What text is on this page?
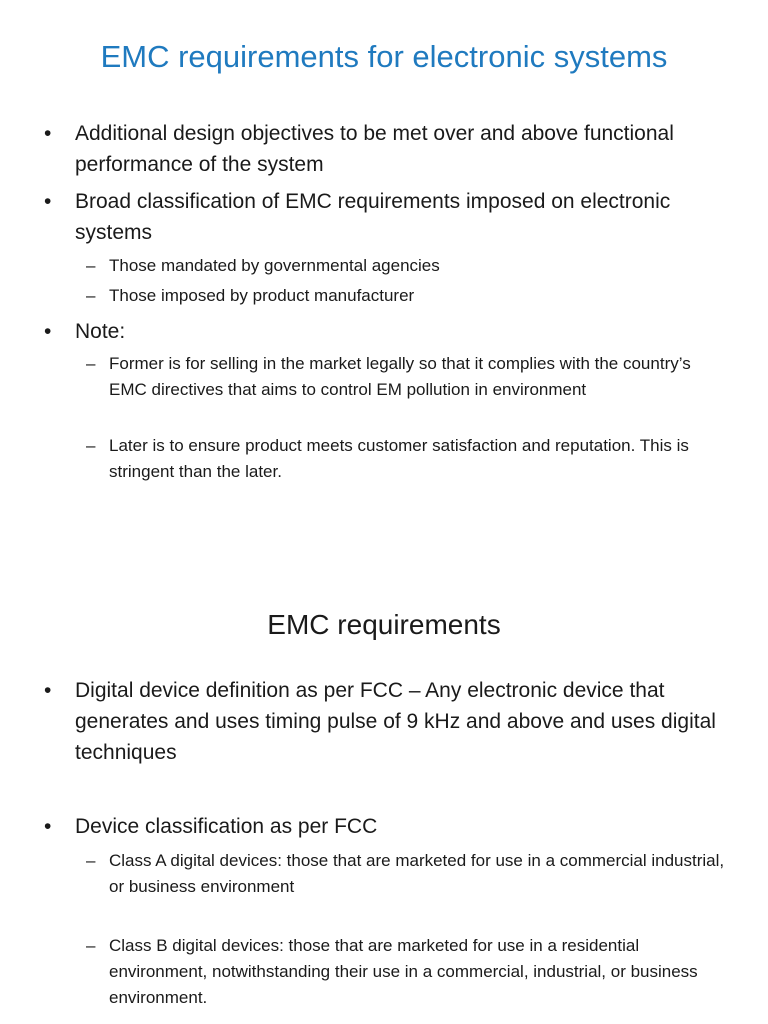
EMC requirements for electronic systems
• Additional design objectives to be met over and above functional performance of the system
• Broad classification of EMC requirements imposed on electronic systems
– Those mandated by governmental agencies
– Those imposed by product manufacturer
• Note:
– Former is for selling in the market legally so that it complies with the country’s EMC directives that aims to control EM pollution in environment
– Later is to ensure product meets customer satisfaction and reputation. This is stringent than the later.
EMC requirements
• Digital device definition as per FCC – Any electronic device that generates and uses timing pulse of 9 kHz and above and uses digital techniques
• Device classification as per FCC
– Class A digital devices: those that are marketed for use in a commercial industrial, or business environment
– Class B digital devices: those that are marketed for use in a residential environment, notwithstanding their use in a commercial, industrial, or business environment.
